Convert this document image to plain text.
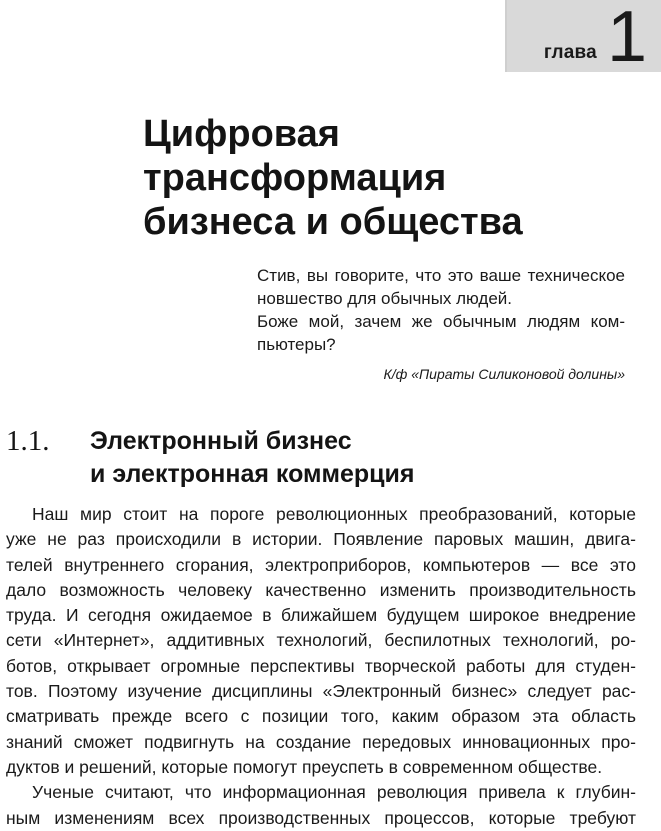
глава 1
Цифровая
трансформация
бизнеса и общества
Стив, вы говорите, что это ваше техническое
новшество для обычных людей.
Боже мой, зачем же обычным людям ком-
пьютеры?
К/ф «Пираты Силиконовой долины»
1.1.	Электронный бизнес
и электронная коммерция
Наш мир стоит на пороге революционных преобразований, которые
уже не раз происходили в истории. Появление паровых машин, двига-
телей внутреннего сгорания, электроприборов, компьютеров — все это
дало возможность человеку качественно изменить производительность
труда. И сегодня ожидаемое в ближайшем будущем широкое внедрение
сети «Интернет», аддитивных технологий, беспилотных технологий, ро-
ботов, открывает огромные перспективы творческой работы для студен-
тов. Поэтому изучение дисциплины «Электронный бизнес» следует рас-
сматривать прежде всего с позиции того, каким образом эта область
знаний сможет подвигнуть на создание передовых инновационных про-
дуктов и решений, которые помогут преуспеть в современном обществе.
Ученые считают, что информационная революция привела к глубин-
ным изменениям всех производственных процессов, которые требуют
